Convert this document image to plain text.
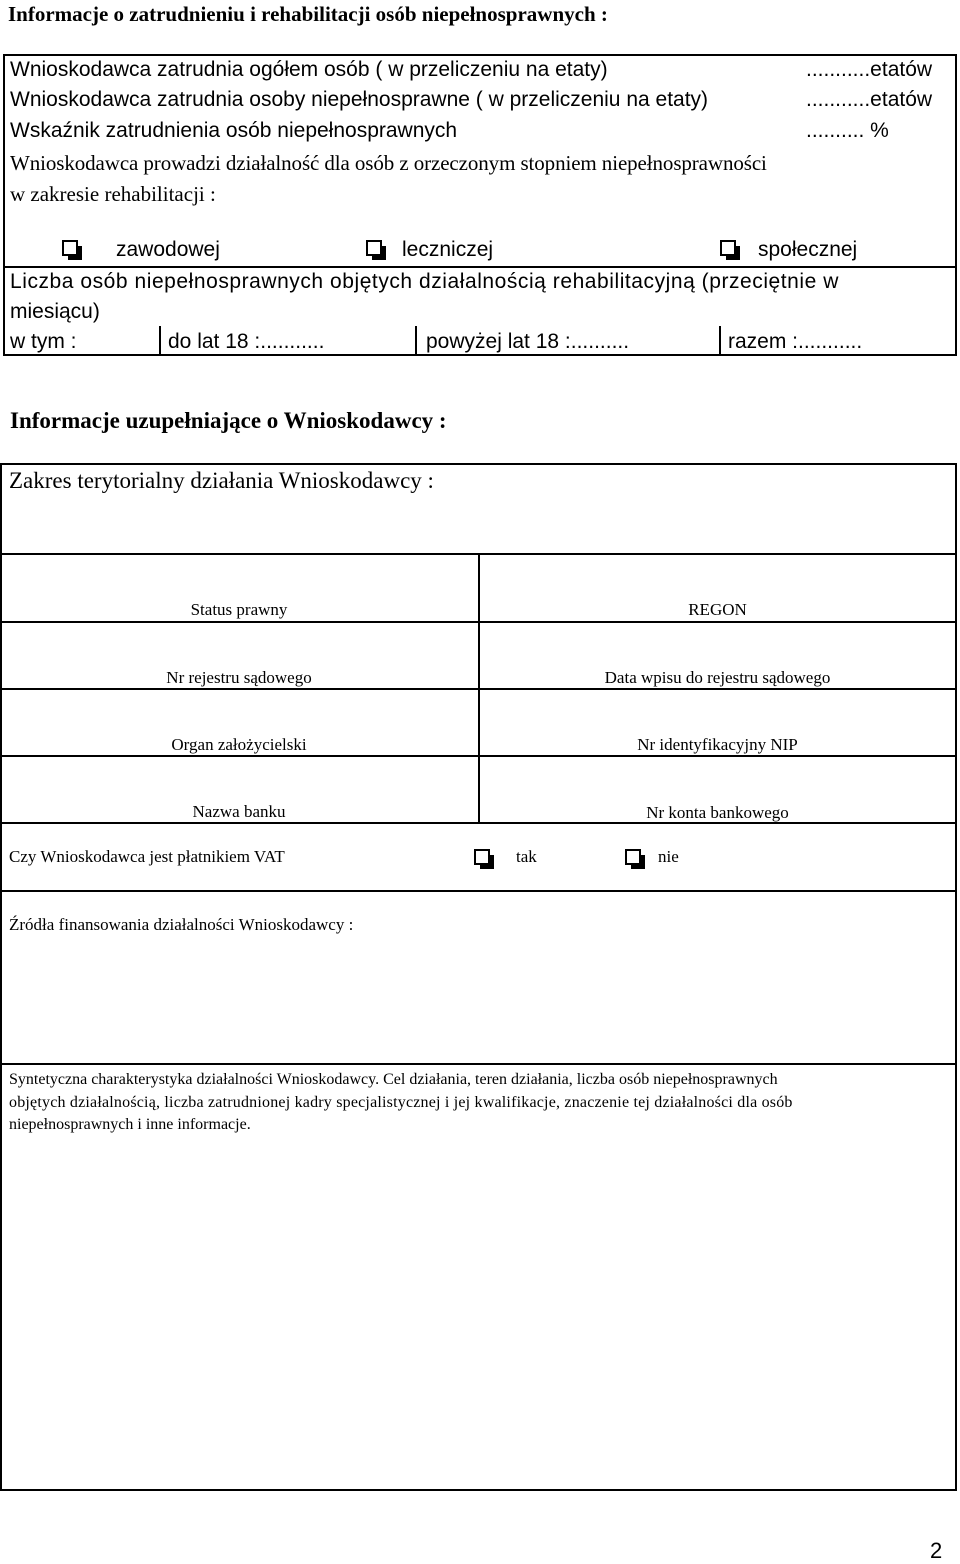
Informacje o zatrudnieniu i rehabilitacji osób niepełnosprawnych :
Wnioskodawca zatrudnia ogółem osób ( w przeliczeniu na etaty)	...........etatów
Wnioskodawca zatrudnia osoby niepełnosprawne ( w przeliczeniu na etaty)	...........etatów
Wskaźnik zatrudnienia osób niepełnosprawnych	.......... %
Wnioskodawca prowadzi działalność dla osób z orzeczonym stopniem niepełnosprawności
w zakresie rehabilitacji :
zawodowej	leczniczej	społecznej
Liczba osób niepełnosprawnych objętych działalnością rehabilitacyjną (przeciętnie w
miesiącu)
w tym :	do lat 18 :...........	powyżej lat 18 :..........	razem :...........
Informacje uzupełniające o Wnioskodawcy :
Zakres terytorialny działania Wnioskodawcy :
Status prawny	REGON
Nr rejestru sądowego	Data wpisu do rejestru sądowego
Organ założycielski	Nr identyfikacyjny NIP
Nazwa banku	Nr konta bankowego
Czy Wnioskodawca jest płatnikiem VAT	tak	nie
Źródła finansowania działalności Wnioskodawcy :
Syntetyczna charakterystyka działalności Wnioskodawcy. Cel działania, teren działania, liczba osób niepełnosprawnych
objętych działalnością, liczba zatrudnionej kadry specjalistycznej i jej kwalifikacje, znaczenie tej działalności dla osób
niepełnosprawnych i inne informacje.
2
